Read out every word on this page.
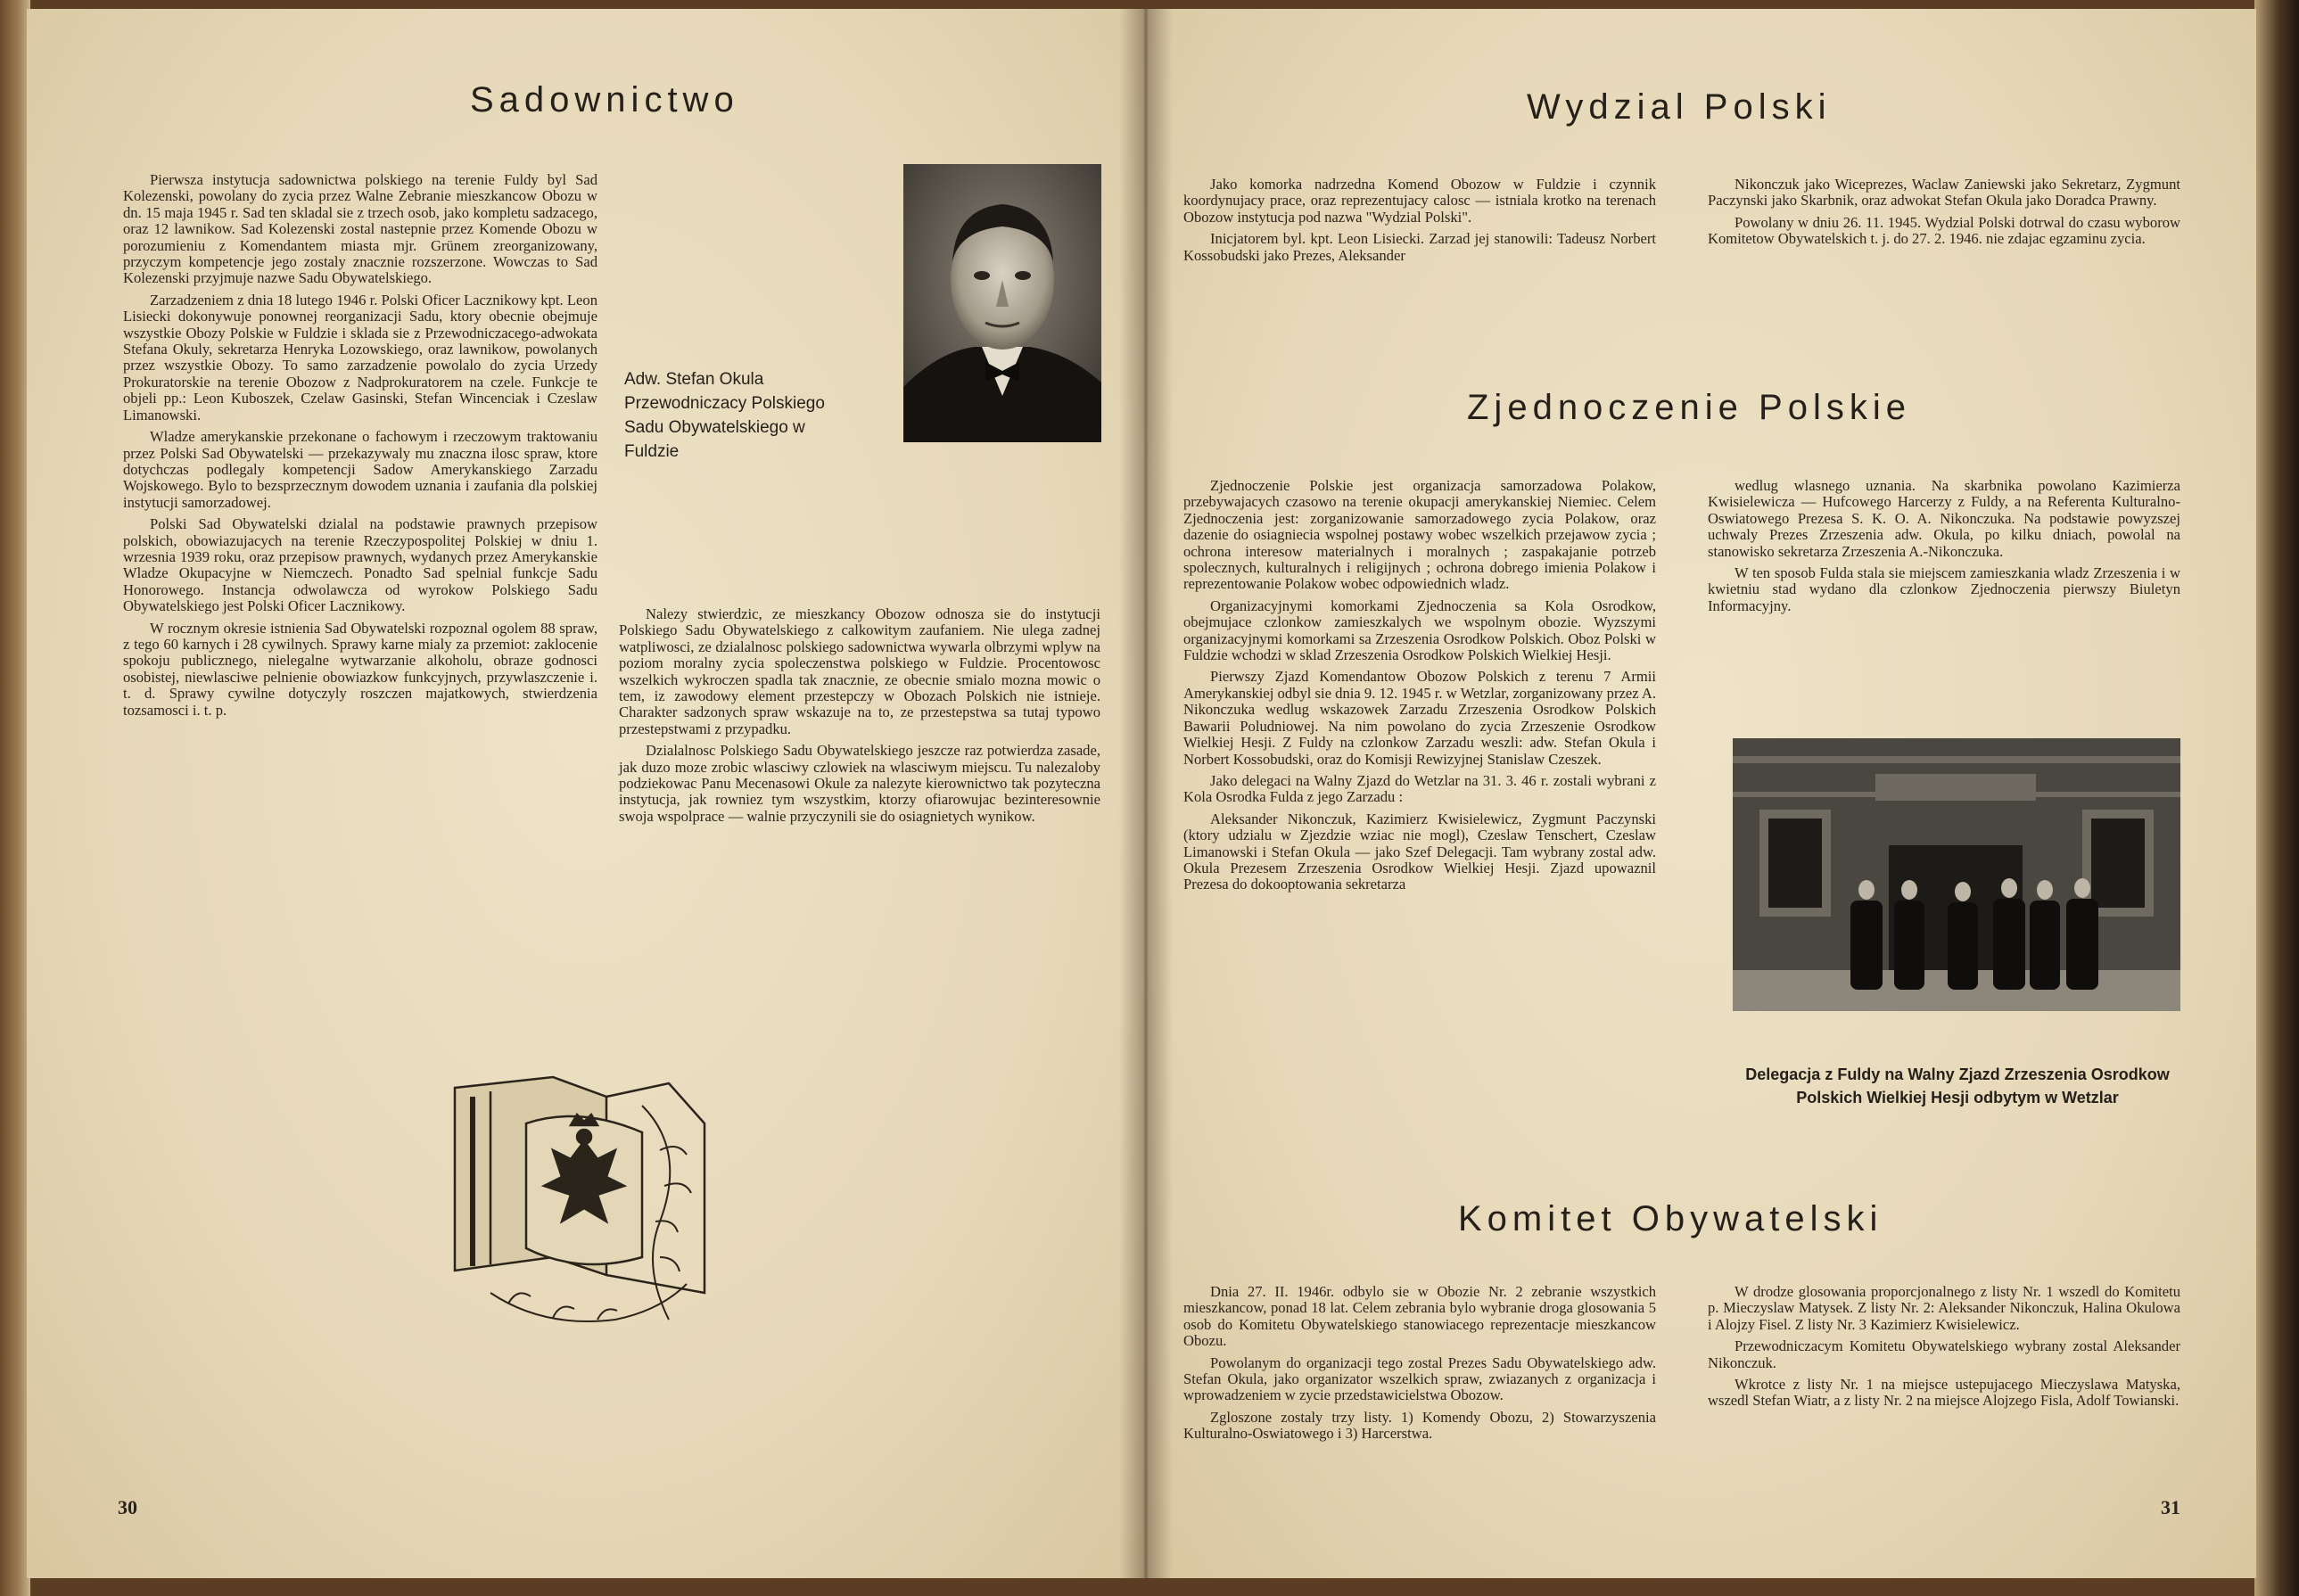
Sadownictwo

Pierwsza instytucja sadownictwa polskiego na terenie Fuldy byl Sad Kolezenski, powolany do zycia przez Walne Zebranie mieszkancow Obozu w dn. 15 maja 1945 r. Sad ten skladal sie z trzech osob, jako kompletu sadzacego, oraz 12 lawnikow. Sad Kolezenski zostal nastepnie przez Komende Obozu w porozumieniu z Komendantem miasta mjr. Grünem zreorganizowany, przyczym kompetencje jego zostaly znacznie rozszerzone. Wowczas to Sad Kolezenski przyjmuje nazwe Sadu Obywatelskiego.

Zarzadzeniem z dnia 18 lutego 1946 r. Polski Oficer Lacznikowy kpt. Leon Lisiecki dokonywuje ponownej reorganizacji Sadu, ktory obecnie obejmuje wszystkie Obozy Polskie w Fuldzie i sklada sie z Przewodniczacego-adwokata Stefana Okuly, sekretarza Henryka Lozowskiego, oraz lawnikow, powolanych przez wszystkie Obozy. To samo zarzadzenie powolalo do zycia Urzedy Prokuratorskie na terenie Obozow z Nadprokuratorem na czele. Funkcje te objeli pp.: Leon Kuboszek, Czelaw Gasinski, Stefan Wincenciak i Czeslaw Limanowski.

Wladze amerykanskie przekonane o fachowym i rzeczowym traktowaniu przez Polski Sad Obywatelski — przekazywaly mu znaczna ilosc spraw, ktore dotychczas podlegaly kompetencji Sadow Amerykanskiego Zarzadu Wojskowego. Bylo to bezsprzecznym dowodem uznania i zaufania dla polskiej instytucji samorzadowej.

Polski Sad Obywatelski dzialal na podstawie prawnych przepisow polskich, obowiazujacych na terenie Rzeczypospolitej Polskiej w dniu 1. wrzesnia 1939 roku, oraz przepisow prawnych, wydanych przez Amerykanskie Wladze Okupacyjne w Niemczech. Ponadto Sad spelnial funkcje Sadu Honorowego. Instancja odwolawcza od wyrokow Polskiego Sadu Obywatelskiego jest Polski Oficer Lacznikowy.

W rocznym okresie istnienia Sad Obywatelski rozpoznal ogolem 88 spraw, z tego 60 karnych i 28 cywilnych. Sprawy karne mialy za przemiot: zaklocenie spokoju publicznego, nielegalne wytwarzanie alkoholu, obraze godnosci osobistej, niewlasciwe pelnienie obowiazkow funkcyjnych, przywlaszczenie i. t. d. Sprawy cywilne dotyczyly roszczen majatkowych, stwierdzenia tozsamosci i. t. p.

Adw. Stefan Okula
Przewodniczacy Polskiego
Sadu Obywatelskiego w
Fuldzie

Nalezy stwierdzic, ze mieszkancy Obozow odnosza sie do instytucji Polskiego Sadu Obywatelskiego z calkowitym zaufaniem. Nie ulega zadnej watpliwosci, ze dzialalnosc polskiego sadownictwa wywarla olbrzymi wplyw na poziom moralny zycia spoleczenstwa polskiego w Fuldzie. Procentowosc wszelkich wykroczen spadla tak znacznie, ze obecnie smialo mozna mowic o tem, iz zawodowy element przestepczy w Obozach Polskich nie istnieje. Charakter sadzonych spraw wskazuje na to, ze przestepstwa sa tutaj typowo przestepstwami z przypadku.

Dzialalnosc Polskiego Sadu Obywatelskiego jeszcze raz potwierdza zasade, jak duzo moze zrobic wlasciwy czlowiek na wlasciwym miejscu. Tu nalezaloby podziekowac Panu Mecenasowi Okule za nalezyte kierownictwo tak pozyteczna instytucja, jak rowniez tym wszystkim, ktorzy ofiarowujac bezinteresownie swoja wspolprace — walnie przyczynili sie do osiagnietych wynikow.

30
Wydzial Polski

Jako komorka nadrzedna Komend Obozow w Fuldzie i czynnik koordynujacy prace, oraz reprezentujacy calosc — istniala krotko na terenach Obozow instytucja pod nazwa "Wydzial Polski".

Inicjatorem byl. kpt. Leon Lisiecki. Zarzad jej stanowili: Tadeusz Norbert Kossobudski jako Prezes, Aleksander

Nikonczuk jako Wiceprezes, Waclaw Zaniewski jako Sekretarz, Zygmunt Paczynski jako Skarbnik, oraz adwokat Stefan Okula jako Doradca Prawny.

Powolany w dniu 26. 11. 1945. Wydzial Polski dotrwal do czasu wyborow Komitetow Obywatelskich t. j. do 27. 2. 1946. nie zdajac egzaminu zycia.

Zjednoczenie Polskie

Zjednoczenie Polskie jest organizacja samorzadowa Polakow, przebywajacych czasowo na terenie okupacji amerykanskiej Niemiec. Celem Zjednoczenia jest: zorganizowanie samorzadowego zycia Polakow, oraz dazenie do osiagniecia wspolnej postawy wobec wszelkich przejawow zycia ; ochrona interesow materialnych i moralnych ; zaspakajanie potrzeb spolecznych, kulturalnych i religijnych ; ochrona dobrego imienia Polakow i reprezentowanie Polakow wobec odpowiednich wladz.

Organizacyjnymi komorkami Zjednoczenia sa Kola Osrodkow, obejmujace czlonkow zamieszkalych we wspolnym obozie. Wyzszymi organizacyjnymi komorkami sa Zrzeszenia Osrodkow Polskich. Oboz Polski w Fuldzie wchodzi w sklad Zrzeszenia Osrodkow Polskich Wielkiej Hesji.

Pierwszy Zjazd Komendantow Obozow Polskich z terenu 7 Armii Amerykanskiej odbyl sie dnia 9. 12. 1945 r. w Wetzlar, zorganizowany przez A. Nikonczuka wedlug wskazowek Zarzadu Zrzeszenia Osrodkow Polskich Bawarii Poludniowej. Na nim powolano do zycia Zrzeszenie Osrodkow Wielkiej Hesji. Z Fuldy na czlonkow Zarzadu weszli: adw. Stefan Okula i Norbert Kossobudski, oraz do Komisji Rewizyjnej Stanislaw Czeszek.

Jako delegaci na Walny Zjazd do Wetzlar na 31. 3. 46 r. zostali wybrani z Kola Osrodka Fulda z jego Zarzadu :

Aleksander Nikonczuk, Kazimierz Kwisielewicz, Zygmunt Paczynski (ktory udzialu w Zjezdzie wziac nie mogl), Czeslaw Tenschert, Czeslaw Limanowski i Stefan Okula — jako Szef Delegacji. Tam wybrany zostal adw. Okula Prezesem Zrzeszenia Osrodkow Wielkiej Hesji. Zjazd upowaznil Prezesa do dokooptowania sekretarza

wedlug wlasnego uznania. Na skarbnika powolano Kazimierza Kwisielewicza — Hufcowego Harcerzy z Fuldy, a na Referenta Kulturalno-Oswiatowego Prezesa S. K. O. A. Nikonczuka. Na podstawie powyzszej uchwaly Prezes Zrzeszenia adw. Okula, po kilku dniach, powolal na stanowisko sekretarza Zrzeszenia A.-Nikonczuka.

W ten sposob Fulda stala sie miejscem zamieszkania wladz Zrzeszenia i w kwietniu stad wydano dla czlonkow Zjednoczenia pierwszy Biuletyn Informacyjny.

Delegacja z Fuldy na Walny Zjazd Zrzeszenia Osrodkow
Polskich Wielkiej Hesji odbytym w Wetzlar
Komitet Obywatelski

Dnia 27. II. 1946r. odbylo sie w Obozie Nr. 2 zebranie wszystkich mieszkancow, ponad 18 lat. Celem zebrania bylo wybranie droga glosowania 5 osob do Komitetu Obywatelskiego stanowiacego reprezentacje mieszkancow Obozu.

Powolanym do organizacji tego zostal Prezes Sadu Obywatelskiego adw. Stefan Okula, jako organizator wszelkich spraw, zwiazanych z organizacja i wprowadzeniem w zycie przedstawicielstwa Obozow.

Zgloszone zostaly trzy listy. 1) Komendy Obozu, 2) Stowarzyszenia Kulturalno-Oswiatowego i 3) Harcerstwa.

W drodze glosowania proporcjonalnego z listy Nr. 1 wszedl do Komitetu p. Mieczyslaw Matysek. Z listy Nr. 2: Aleksander Nikonczuk, Halina Okulowa i Alojzy Fisel. Z listy Nr. 3 Kazimierz Kwisielewicz.

Przewodniczacym Komitetu Obywatelskiego wybrany zostal Aleksander Nikonczuk.

Wkrotce z listy Nr. 1 na miejsce ustepujacego Mieczyslawa Matyska, wszedl Stefan Wiatr, a z listy Nr. 2 na miejsce Alojzego Fisla, Adolf Towianski.

31
